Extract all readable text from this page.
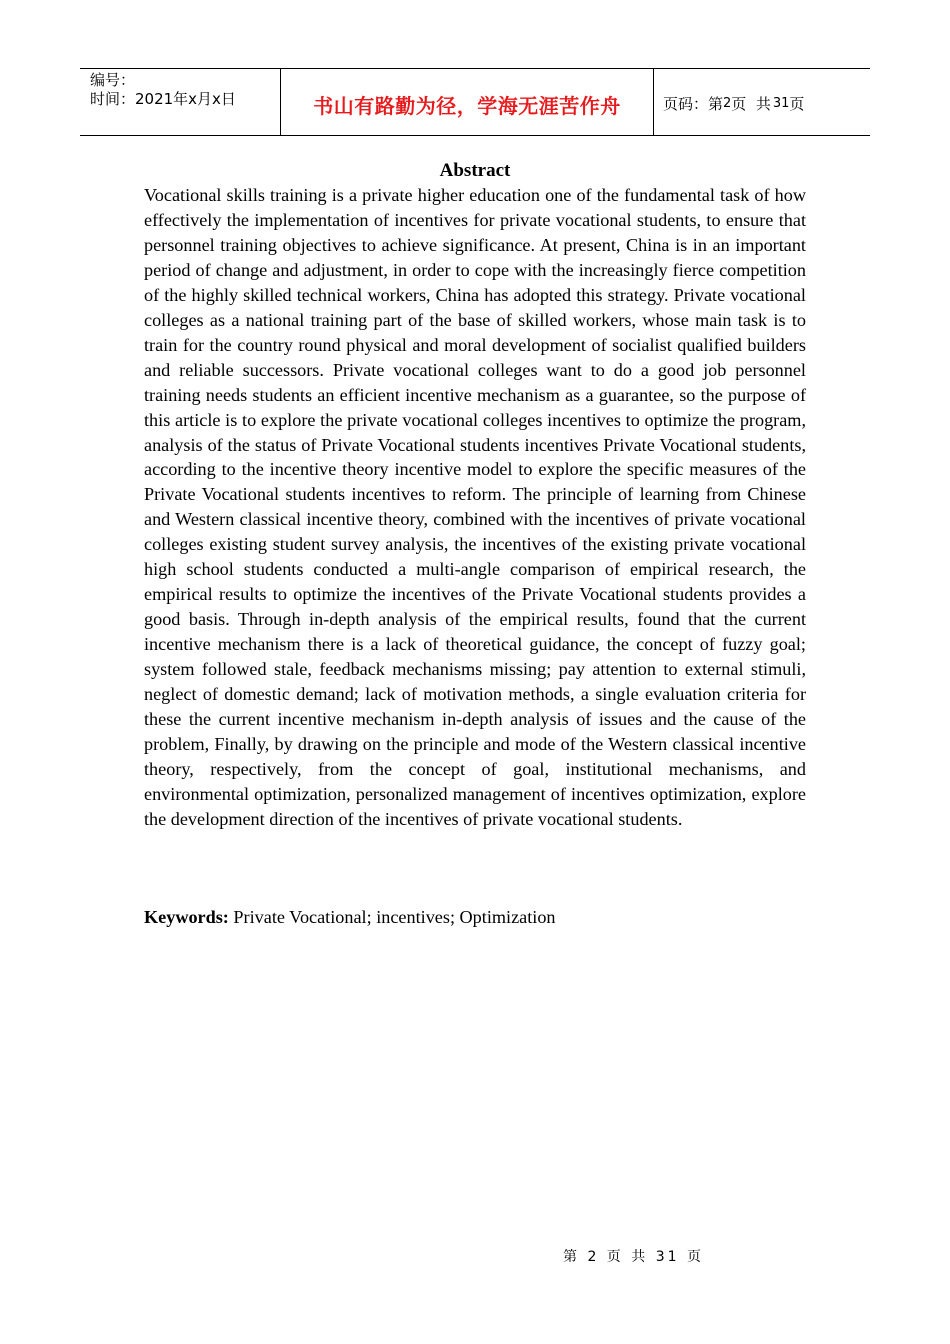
编号：
时间：2021年x月x日	书山有路勤为径，学海无涯苦作舟	页码：第 2 页  共 31 页
Abstract

Vocational skills training is a private higher education one of the fundamental task of how effectively the implementation of incentives for private vocational students, to ensure that personnel training objectives to achieve significance. At present, China is in an important period of change and adjustment, in order to cope with the increasingly fierce competition of the highly skilled technical workers, China has adopted this strategy. Private vocational colleges as a national training part of the base of skilled workers, whose main task is to train for the country round physical and moral development of socialist qualified builders and reliable successors. Private vocational colleges want to do a good job personnel training needs students an efficient incentive mechanism as a guarantee, so the purpose of this article is to explore the private vocational colleges incentives to optimize the program, analysis of the status of Private Vocational students incentives Private Vocational students, according to the incentive theory incentive model to explore the specific measures of the Private Vocational students incentives to reform. The principle of learning from Chinese and Western classical incentive theory, combined with the incentives of private vocational colleges existing student survey analysis, the incentives of the existing private vocational high school students conducted a multi-angle comparison of empirical research, the empirical results to optimize the incentives of the Private Vocational students provides a good basis. Through in-depth analysis of the empirical results, found that the current incentive mechanism there is a lack of theoretical guidance, the concept of fuzzy goal; system followed stale, feedback mechanisms missing; pay attention to external stimuli, neglect of domestic demand; lack of motivation methods, a single evaluation criteria for these the current incentive mechanism in-depth analysis of issues and the cause of the problem, Finally, by drawing on the principle and mode of the Western classical incentive theory, respectively, from the concept of goal, institutional mechanisms, and environmental optimization, personalized management of incentives optimization, explore the development direction of the incentives of private vocational students.

Keywords: Private Vocational; incentives; Optimization

第 2 页 共 31 页
